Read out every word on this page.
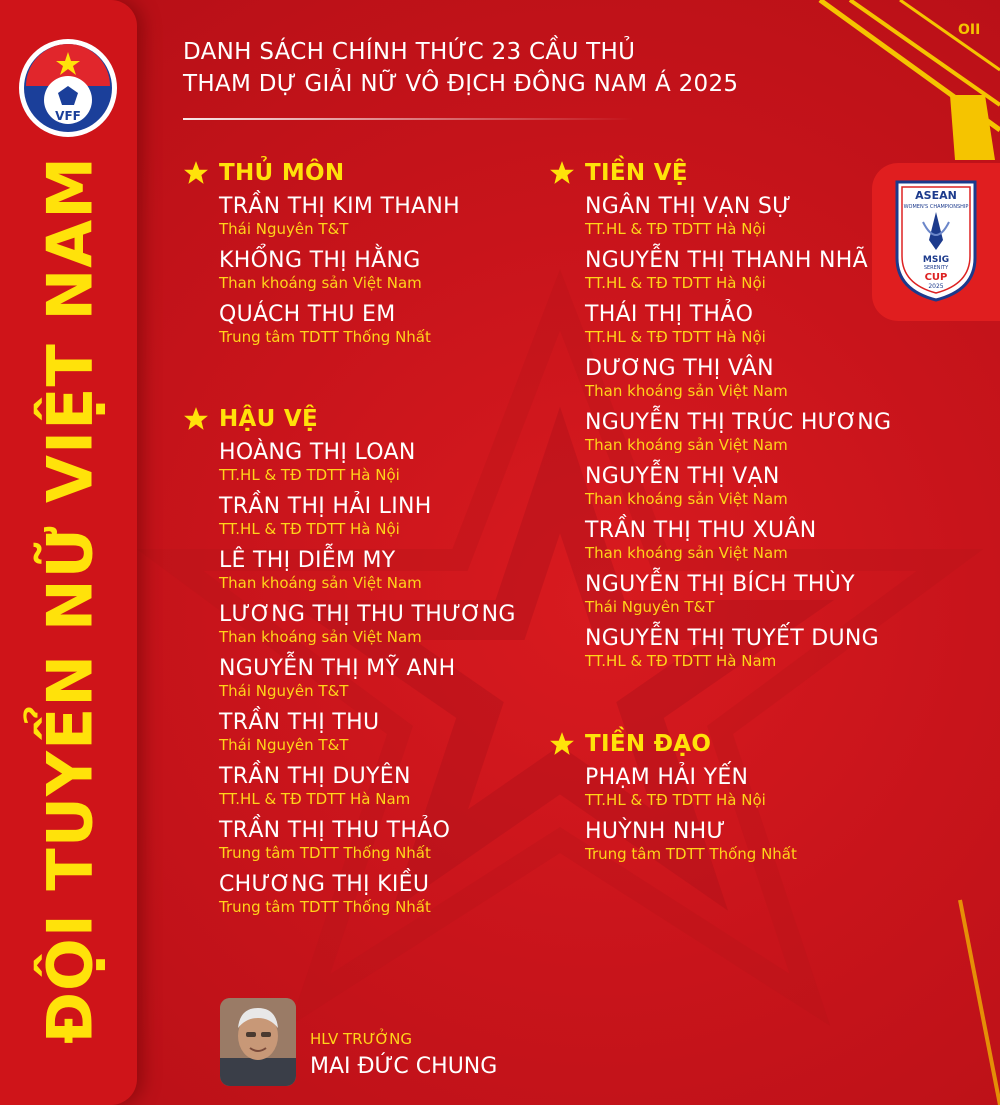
OII
VFF
ĐỘI TUYỂN NỮ VIỆT NAM
DANH SÁCH CHÍNH THỨC 23 CẦU THỦ
THAM DỰ GIẢI NỮ VÔ ĐỊCH ĐÔNG NAM Á 2025
ASEAN
WOMEN'S CHAMPIONSHIP
MSIG
SERENITY
CUP
2025
THỦ MÔN
TRẦN THỊ KIM THANH
Thái Nguyên T&T
KHỔNG THỊ HẰNG
Than khoáng sản Việt Nam
QUÁCH THU EM
Trung tâm TDTT Thống Nhất
HẬU VỆ
HOÀNG THỊ LOAN
TT.HL & TĐ TDTT Hà Nội
TRẦN THỊ HẢI LINH
TT.HL & TĐ TDTT Hà Nội
LÊ THỊ DIỄM MY
Than khoáng sản Việt Nam
LƯƠNG THỊ THU THƯƠNG
Than khoáng sản Việt Nam
NGUYỄN THỊ MỸ ANH
Thái Nguyên T&T
TRẦN THỊ THU
Thái Nguyên T&T
TRẦN THỊ DUYÊN
TT.HL & TĐ TDTT Hà Nam
TRẦN THỊ THU THẢO
Trung tâm TDTT Thống Nhất
CHƯƠNG THỊ KIỀU
Trung tâm TDTT Thống Nhất
TIỀN VỆ
NGÂN THỊ VẠN SỰ
TT.HL & TĐ TDTT Hà Nội
NGUYỄN THỊ THANH NHÃ
TT.HL & TĐ TDTT Hà Nội
THÁI THỊ THẢO
TT.HL & TĐ TDTT Hà Nội
DƯƠNG THỊ VÂN
Than khoáng sản Việt Nam
NGUYỄN THỊ TRÚC HƯƠNG
Than khoáng sản Việt Nam
NGUYỄN THỊ VẠN
Than khoáng sản Việt Nam
TRẦN THỊ THU XUÂN
Than khoáng sản Việt Nam
NGUYỄN THỊ BÍCH THÙY
Thái Nguyên T&T
NGUYỄN THỊ TUYẾT DUNG
TT.HL & TĐ TDTT Hà Nam
TIỀN ĐẠO
PHẠM HẢI YẾN
TT.HL & TĐ TDTT Hà Nội
HUỲNH NHƯ
Trung tâm TDTT Thống Nhất
HLV TRƯỞNG
MAI ĐỨC CHUNG
